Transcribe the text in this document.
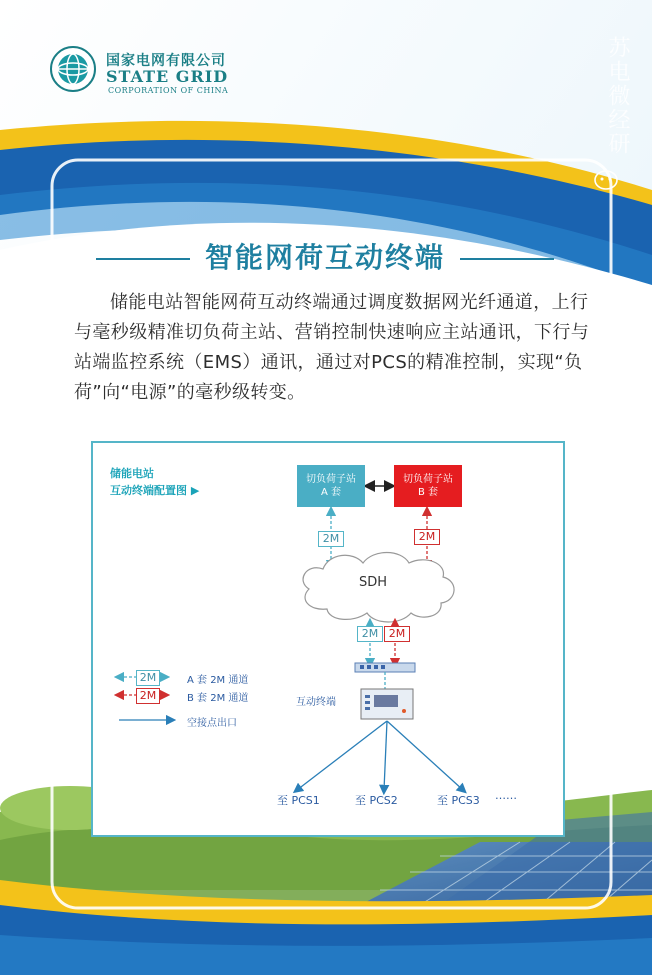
国家电网有限公司
STATE GRID
CORPORATION OF CHINA	苏电微经研
智能网荷互动终端
储能电站智能网荷互动终端通过调度数据网光纤通道，上行与毫秒级精准切负荷主站、营销控制快速响应主站通讯，下行与站端监控系统（EMS）通讯，通过对PCS的精准控制，实现“负荷”向“电源”的毫秒级转变。
储能电站
互动终端配置图 ▶
切负荷子站
A 套
切负荷子站
B 套
2M	2M
SDH
2M 2M
互动终端
至 PCS1	至 PCS2	至 PCS3 ……
2M
2M
A 套 2M 通道
B 套 2M 通道
空接点出口
